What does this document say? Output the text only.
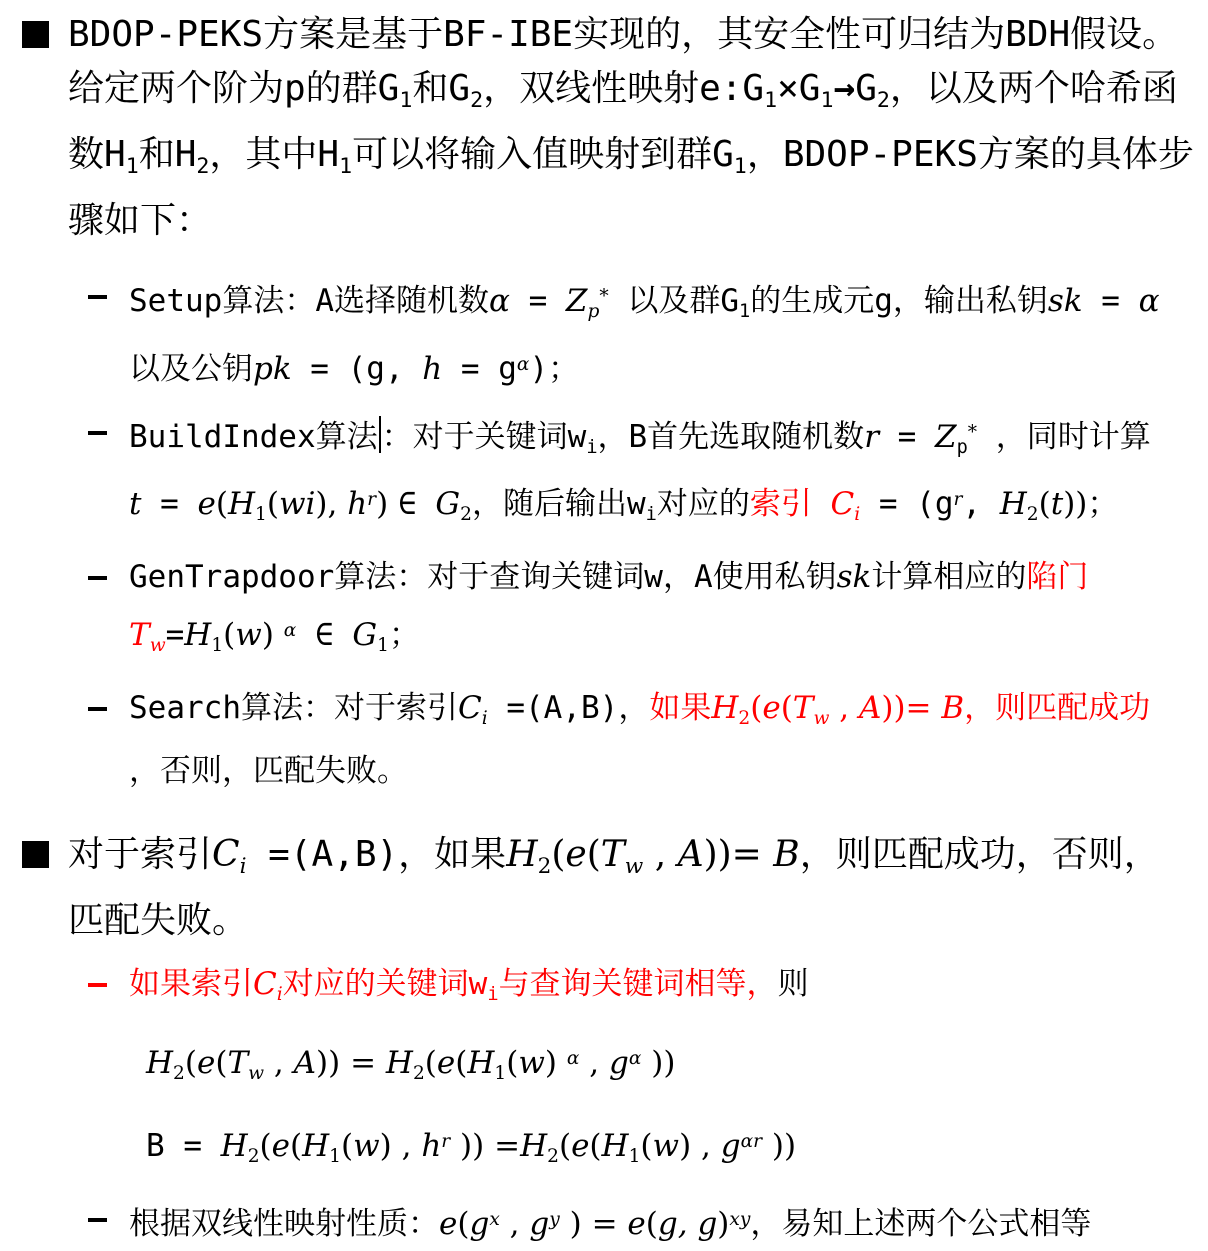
BDOP-PEKS方案是基于BF-IBE实现的，其安全性可归结为BDH假设。给定两个阶为p的群$G_1$和$G_2$，双线性映射$e:G_1\times G_1\to G_2$，以及两个哈希函数$H_1$和$H_2$，其中$H_1$可以将输入值映射到群$G_1$，BDOP-PEKS方案的具体步骤如下：
Setup算法：A选择随机数$\alpha = Z_p^*$ 以及群$G_1$的生成元g，输出私钥sk = α
以及公钥pk = (g, $h = g^\alpha$)；
BuildIndex算法 ：对于关键词$w_i$，B首先选取随机数$r = Z_p^*$ ，同时计算
$t = e(H_1(wi)$, $h^r$) ∈ $G_2$，随后输出$w_i$对应的索引 $C_i = (g^r$, $H_2(t)$)；
GenTrapdoor算法：对于查询关键词w，A使用私钥sk计算相应的陷门
$T_w=H_1(w)$ $^\alpha$ ∈ $G_1$；
Search算法：对于索引$C_i =(A,B)$，如果$H_2(e(T_w$ , A))= B，则匹配成功
，否则，匹配失败。
对于索引$C_i =(A,B)$，如果$H_2(e(T_w$ , A))= B，则匹配成功，否则，
匹配失败。
如果索引$C_i$对应的关键词$w_i$与查询关键词相等，则
$H_2(e(T_w$ , $A)) = H_2(e(H_1(w)$ $^\alpha$ , $g^\alpha$ ))
$B = H_2(e(H_1(w)$ , $h^r$ )) $=H_2(e(H_1(w)$ , $g^{\alpha r}$ ))
根据双线性映射性质：$e(g^x$ , $g^y$ ) = e(g, g)$^{xy}$，易知上述两个公式相等
